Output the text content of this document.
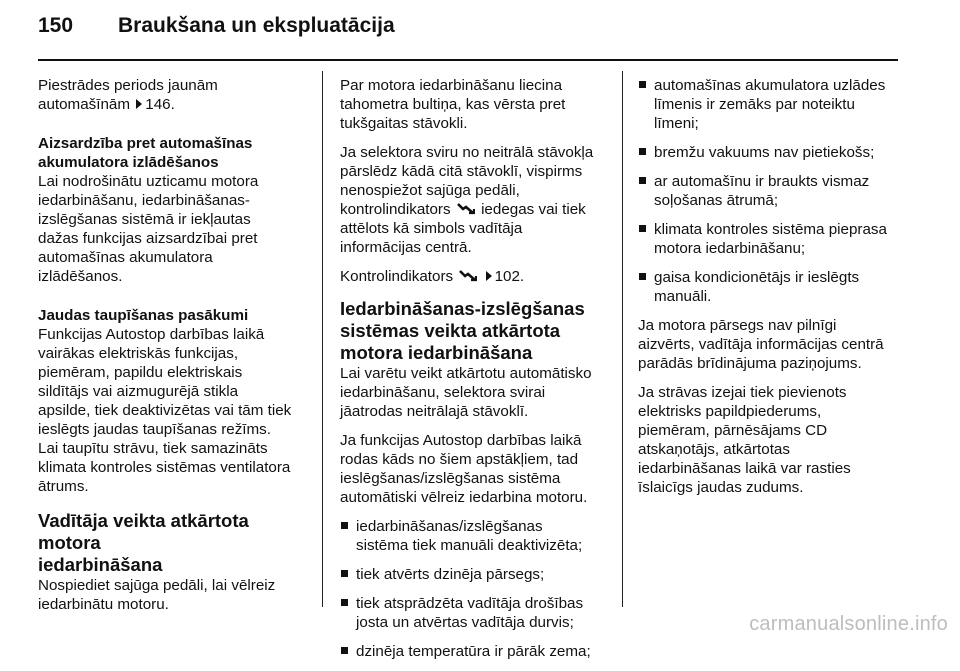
150 Braukšana un ekspluatācija

Piestrādes periods jaunām
automašīnām 146.

Aizsardzība pret automašīnas
akumulatora izlādēšanos

Lai nodrošinātu uzticamu motora
iedarbināšanu, iedarbināšanas-
izslēgšanas sistēmā ir iekļautas
dažas funkcijas aizsardzībai pret
automašīnas akumulatora
izlādēšanos.

Jaudas taupīšanas pasākumi

Funkcijas Autostop darbības laikā
vairākas elektriskās funkcijas,
piemēram, papildu elektriskais
sildītājs vai aizmugurējā stikla
apsilde, tiek deaktivizētas vai tām tiek
ieslēgts jaudas taupīšanas režīms.
Lai taupītu strāvu, tiek samazināts
klimata kontroles sistēmas ventilatora
ātrums.

Vadītāja veikta atkārtota motora
iedarbināšana

Nospiediet sajūga pedāli, lai vēlreiz
iedarbinātu motoru.

Par motora iedarbināšanu liecina
tahometra bultiņa, kas vērsta pret
tukšgaitas stāvokli.

Ja selektora sviru no neitrālā stāvokļa
pārslēdz kādā citā stāvoklī, vispirms
nenospiežot sajūga pedāli,
kontrolindikators iedegas vai tiek
attēlots kā simbols vadītāja
informācijas centrā.

Kontrolindikators	102.

Iedarbināšanas-izslēgšanas
sistēmas veikta atkārtota
motora iedarbināšana

Lai varētu veikt atkārtotu automātisko
iedarbināšanu, selektora svirai
jāatrodas neitrālajā stāvoklī.

Ja funkcijas Autostop darbības laikā
rodas kāds no šiem apstākļiem, tad
ieslēgšanas/izslēgšanas sistēma
automātiski vēlreiz iedarbina motoru.

iedarbināšanas/izslēgšanas
sistēma tiek manuāli deaktivizēta;
tiek atvērts dzinēja pārsegs;
tiek atsprādzēta vadītāja drošības
josta un atvērtas vadītāja durvis;
dzinēja temperatūra ir pārāk zema;
automašīnas akumulatora uzlādes
līmenis ir zemāks par noteiktu
līmeni;
bremžu vakuums nav pietiekošs;
ar automašīnu ir braukts vismaz
soļošanas ātrumā;
klimata kontroles sistēma pieprasa
motora iedarbināšanu;
gaisa kondicionētājs ir ieslēgts
manuāli.

Ja motora pārsegs nav pilnīgi
aizvērts, vadītāja informācijas centrā
parādās brīdinājuma paziņojums.

Ja strāvas izejai tiek pievienots
elektrisks papildpiederums,
piemēram, pārnēsājams CD
atskaņotājs, atkārtotas
iedarbināšanas laikā var rasties
īslaicīgs jaudas zudums.

carmanualsonline.info
